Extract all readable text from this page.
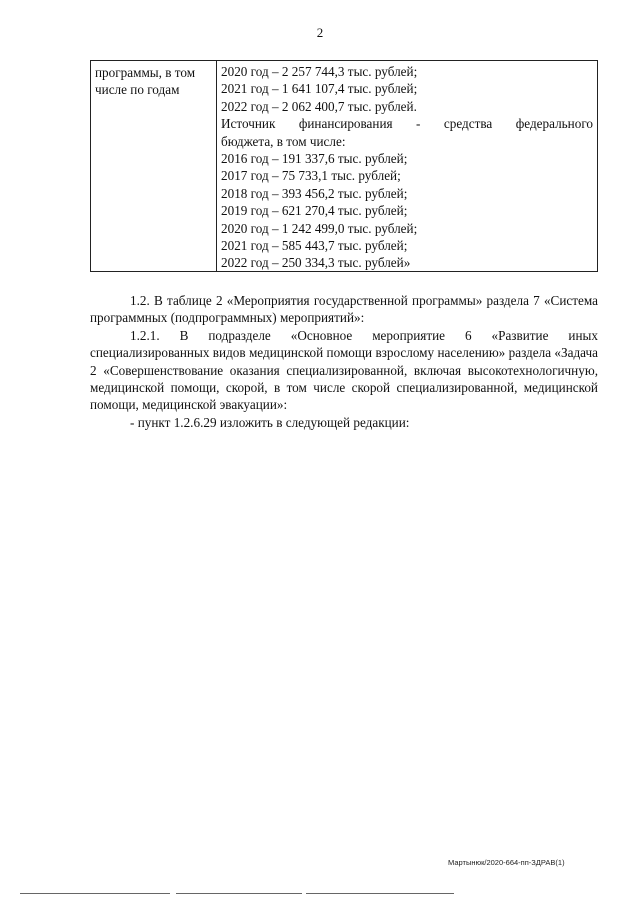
2
программы, в том
числе по годам
2020 год – 2 257 744,3 тыс. рублей;
2021 год – 1 641 107,4 тыс. рублей;
2022 год – 2 062 400,7 тыс. рублей.
Источник финансирования - средства федерального
бюджета, в том числе:
2016 год – 191 337,6 тыс. рублей;
2017 год – 75 733,1 тыс. рублей;
2018 год – 393 456,2 тыс. рублей;
2019 год – 621 270,4 тыс. рублей;
2020 год – 1 242 499,0 тыс. рублей;
2021 год – 585 443,7 тыс. рублей;
2022 год – 250 334,3 тыс. рублей»

1.2. В таблице 2 «Мероприятия государственной программы» раздела 7 «Система программных (подпрограммных) мероприятий»:

1.2.1. В подразделе «Основное мероприятие 6 «Развитие иных специализированных видов медицинской помощи взрослому населению» раздела «Задача 2 «Совершенствование оказания специализированной, включая высокотехнологичную, медицинской помощи, скорой, в том числе скорой специализированной, медицинской помощи, медицинской эвакуации»:

- пункт 1.2.6.29 изложить в следующей редакции:

Мартынюк/2020-664-пп-ЗДРАВ(1)
